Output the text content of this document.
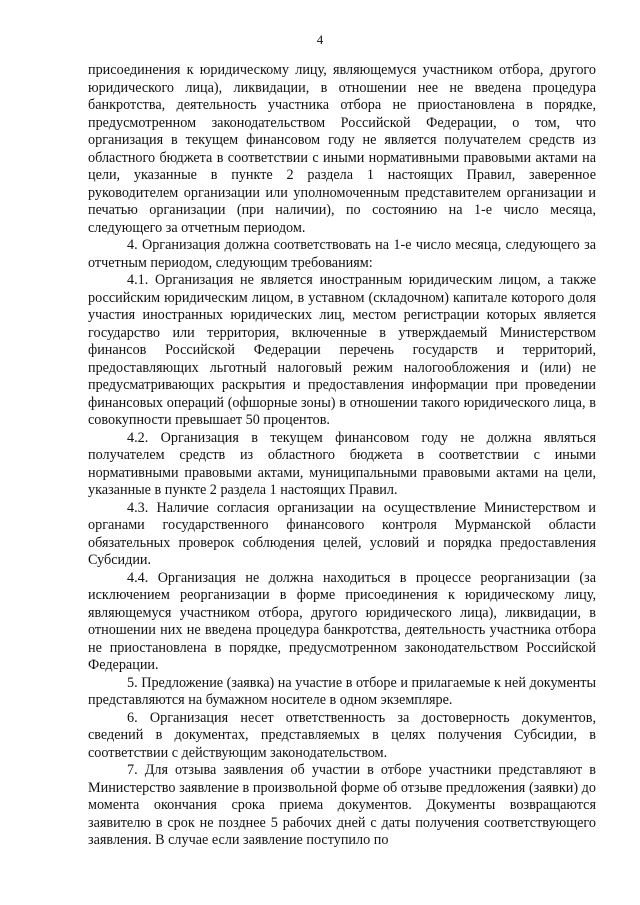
4

присоединения к юридическому лицу, являющемуся участником отбора, другого юридического лица), ликвидации, в отношении нее не введена процедура банкротства, деятельность участника отбора не приостановлена в порядке, предусмотренном законодательством Российской Федерации, о том, что организация в текущем финансовом году не является получателем средств из областного бюджета в соответствии с иными нормативными правовыми актами на цели, указанные в пункте 2 раздела 1 настоящих Правил, заверенное руководителем организации или уполномоченным представителем организации и печатью организации (при наличии), по состоянию на 1-е число месяца, следующего за отчетным периодом.

4. Организация должна соответствовать на 1-е число месяца, следующего за отчетным периодом, следующим требованиям:

4.1. Организация не является иностранным юридическим лицом, а также российским юридическим лицом, в уставном (складочном) капитале которого доля участия иностранных юридических лиц, местом регистрации которых является государство или территория, включенные в утверждаемый Министерством финансов Российской Федерации перечень государств и территорий, предоставляющих льготный налоговый режим налогообложения и (или) не предусматривающих раскрытия и предоставления информации при проведении финансовых операций (офшорные зоны) в отношении такого юридического лица, в совокупности превышает 50 процентов.

4.2. Организация в текущем финансовом году не должна являться получателем средств из областного бюджета в соответствии с иными нормативными правовыми актами, муниципальными правовыми актами на цели, указанные в пункте 2 раздела 1 настоящих Правил.

4.3. Наличие согласия организации на осуществление Министерством и органами государственного финансового контроля Мурманской области обязательных проверок соблюдения целей, условий и порядка предоставления Субсидии.

4.4. Организация не должна находиться в процессе реорганизации (за исключением реорганизации в форме присоединения к юридическому лицу, являющемуся участником отбора, другого юридического лица), ликвидации, в отношении них не введена процедура банкротства, деятельность участника отбора не приостановлена в порядке, предусмотренном законодательством Российской Федерации.

5. Предложение (заявка) на участие в отборе и прилагаемые к ней документы представляются на бумажном носителе в одном экземпляре.

6. Организация несет ответственность за достоверность документов, сведений в документах, представляемых в целях получения Субсидии, в соответствии с действующим законодательством.

7. Для отзыва заявления об участии в отборе участники представляют в Министерство заявление в произвольной форме об отзыве предложения (заявки) до момента окончания срока приема документов. Документы возвращаются заявителю в срок не позднее 5 рабочих дней с даты получения соответствующего заявления. В случае если заявление поступило по
